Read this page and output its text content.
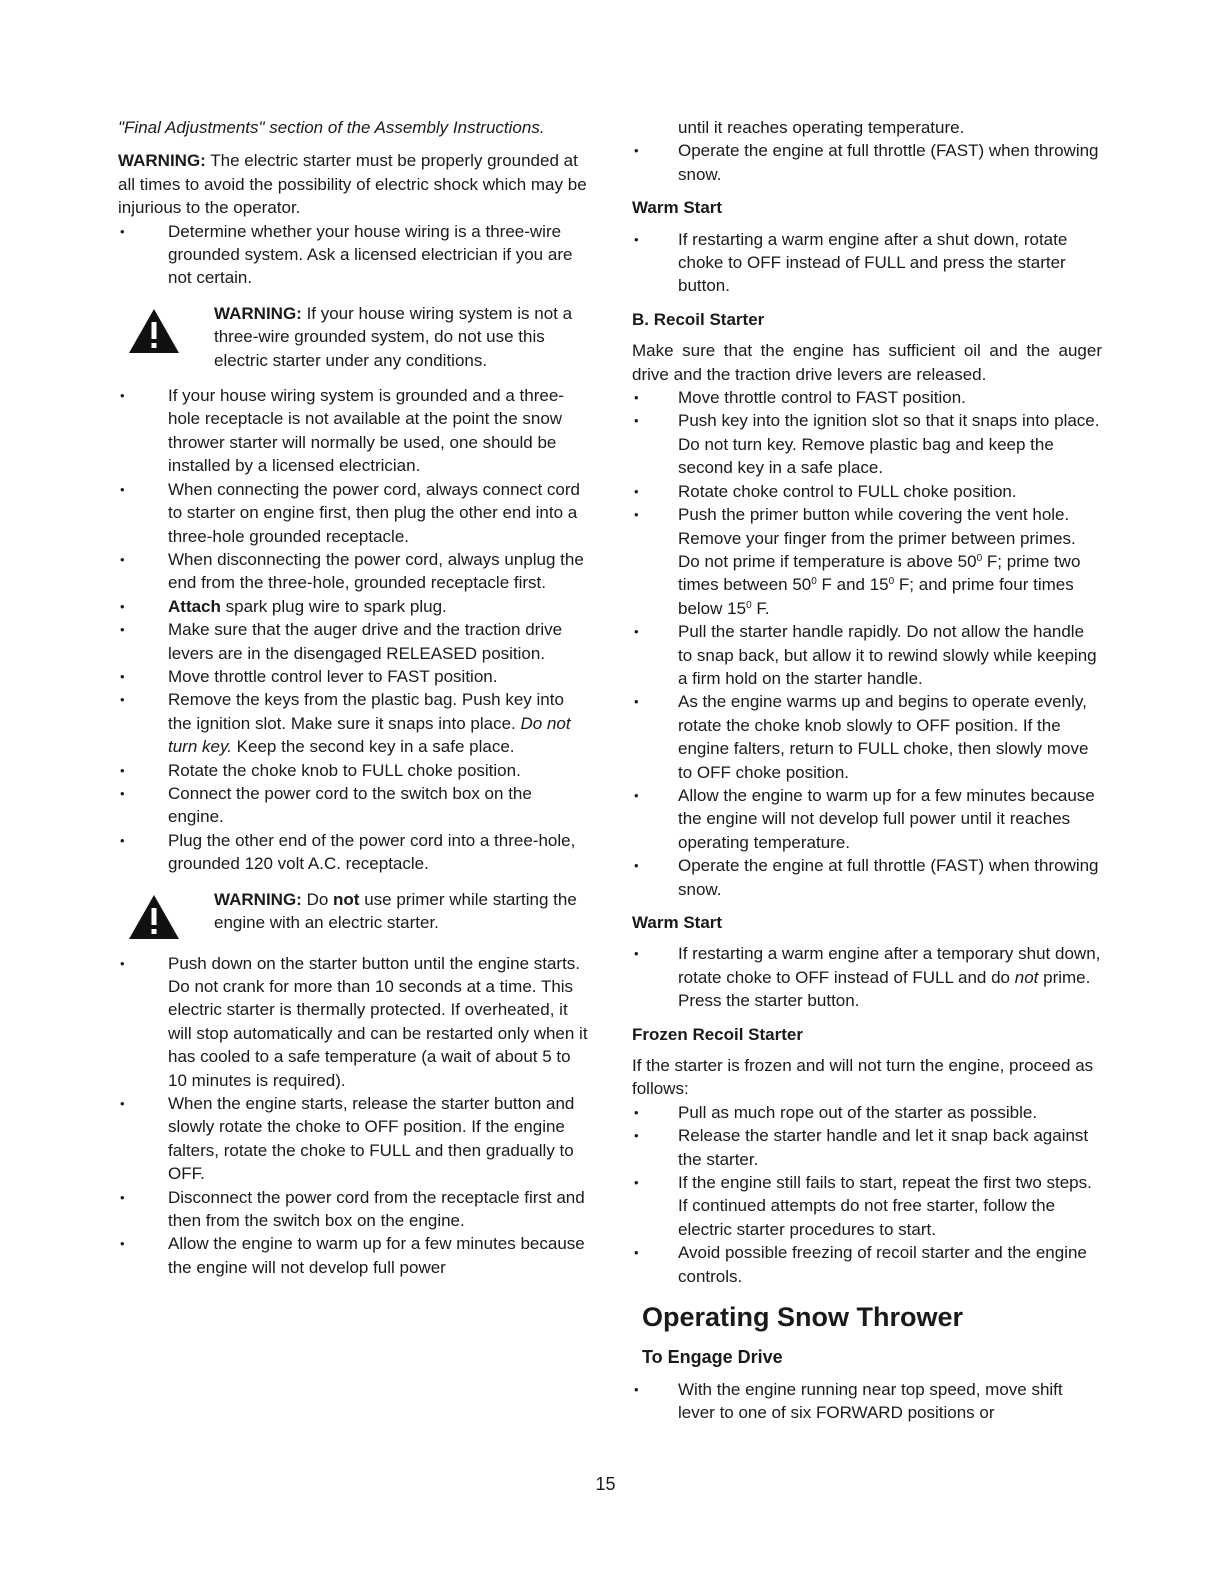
"Final Adjustments" section of the Assembly Instructions.

WARNING: The electric starter must be properly grounded at all times to avoid the possibility of electric shock which may be injurious to the operator.

• Determine whether your house wiring is a three-wire grounded system. Ask a licensed electrician if you are not certain.

WARNING: If your house wiring system is not a three-wire grounded system, do not use this electric starter under any conditions.

• If your house wiring system is grounded and a three-hole receptacle is not available at the point the snow thrower starter will normally be used, one should be installed by a licensed electrician.
• When connecting the power cord, always connect cord to starter on engine first, then plug the other end into a three-hole grounded receptacle.
• When disconnecting the power cord, always unplug the end from the three-hole, grounded receptacle first.
• Attach spark plug wire to spark plug.
• Make sure that the auger drive and the traction drive levers are in the disengaged RELEASED position.
• Move throttle control lever to FAST position.
• Remove the keys from the plastic bag. Push key into the ignition slot. Make sure it snaps into place. Do not turn key. Keep the second key in a safe place.
• Rotate the choke knob to FULL choke position.
• Connect the power cord to the switch box on the engine.
• Plug the other end of the power cord into a three-hole, grounded 120 volt A.C. receptacle.

WARNING: Do not use primer while starting the engine with an electric starter.

• Push down on the starter button until the engine starts. Do not crank for more than 10 seconds at a time. This electric starter is thermally protected. If overheated, it will stop automatically and can be restarted only when it has cooled to a safe temperature (a wait of about 5 to 10 minutes is required).
• When the engine starts, release the starter button and slowly rotate the choke to OFF position. If the engine falters, rotate the choke to FULL and then gradually to OFF.
• Disconnect the power cord from the receptacle first and then from the switch box on the engine.
• Allow the engine to warm up for a few minutes because the engine will not develop full power

until it reaches operating temperature.

• Operate the engine at full throttle (FAST) when throwing snow.

Warm Start

• If restarting a warm engine after a shut down, rotate choke to OFF instead of FULL and press the starter button.

B. Recoil Starter

Make sure that the engine has sufficient oil and the auger drive and the traction drive levers are released.

• Move throttle control to FAST position.
• Push key into the ignition slot so that it snaps into place. Do not turn key. Remove plastic bag and keep the second key in a safe place.
• Rotate choke control to FULL choke position.
• Push the primer button while covering the vent hole. Remove your finger from the primer between primes. Do not prime if temperature is above $50^0$ F; prime two times between $50^0$ F and $15^0$ F; and prime four times below $15^0$ F.
• Pull the starter handle rapidly. Do not allow the handle to snap back, but allow it to rewind slowly while keeping a firm hold on the starter handle.
• As the engine warms up and begins to operate evenly, rotate the choke knob slowly to OFF position. If the engine falters, return to FULL choke, then slowly move to OFF choke position.
• Allow the engine to warm up for a few minutes because the engine will not develop full power until it reaches operating temperature.
• Operate the engine at full throttle (FAST) when throwing snow.

Warm Start

• If restarting a warm engine after a temporary shut down, rotate choke to OFF instead of FULL and do not prime. Press the starter button.

Frozen Recoil Starter

If the starter is frozen and will not turn the engine, proceed as follows:

• Pull as much rope out of the starter as possible.
• Release the starter handle and let it snap back against the starter.
• If the engine still fails to start, repeat the first two steps. If continued attempts do not free starter, follow the electric starter procedures to start.
• Avoid possible freezing of recoil starter and the engine controls.

Operating Snow Thrower

To Engage Drive

• With the engine running near top speed, move shift lever to one of six FORWARD positions or
15
